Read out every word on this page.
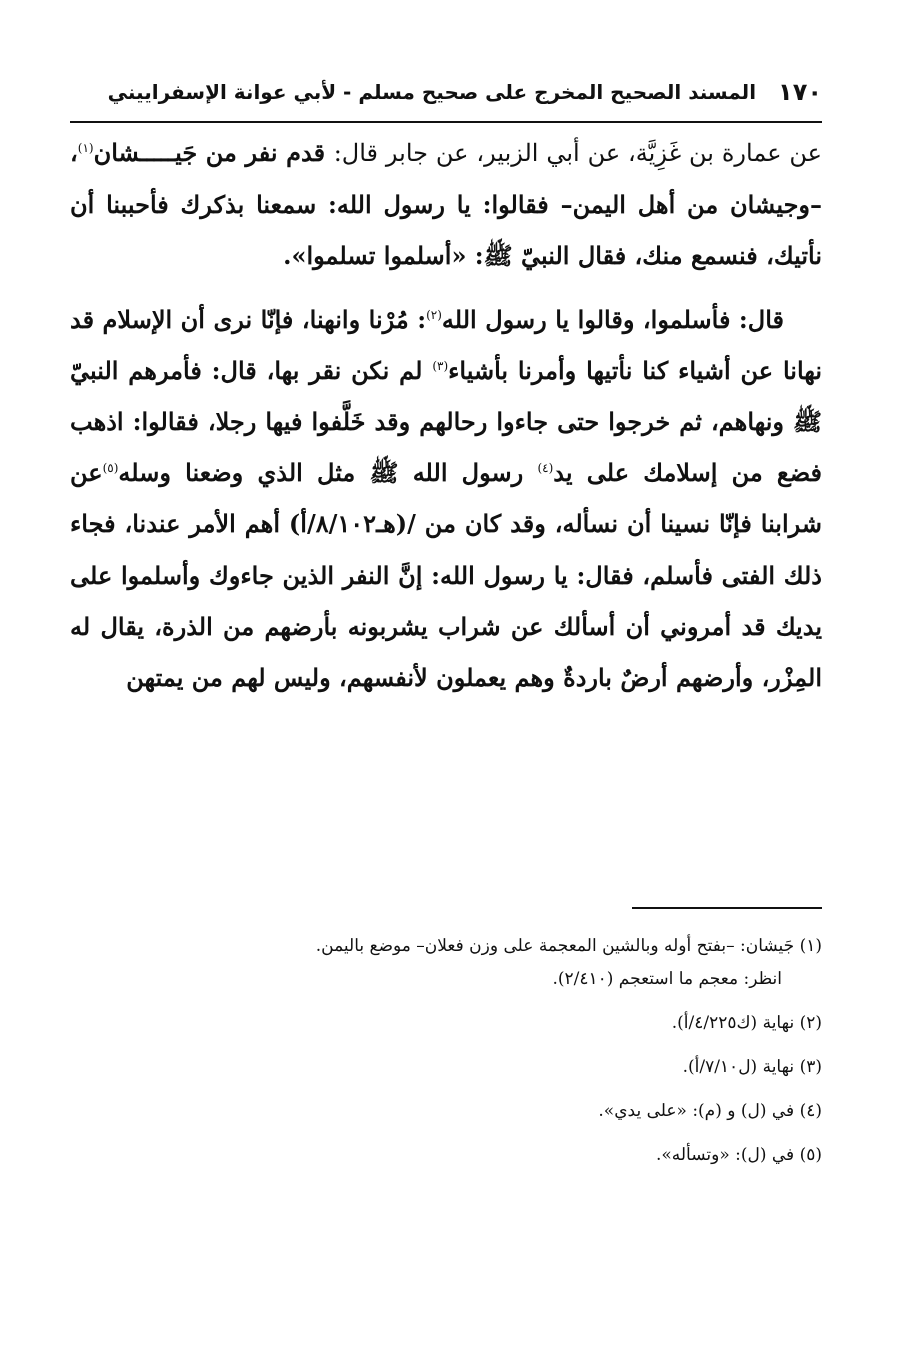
١٧٠
المسند الصحيح المخرج على صحيح مسلم - لأبي عوانة الإسفراييني

عن عمارة بن غَزِيَّة، عن أبي الزبير، عن جابر قال: قدم نفر من جَيـــــشان$^{(١)}$، –وجيشان من أهل اليمن– فقالوا: يا رسول الله: سمعنا بذكرك فأحببنا أن نأتيك، فنسمع منك، فقال النبيّ ﷺ: «أسلموا تسلموا».

قال: فأسلموا، وقالوا يا رسول الله$^{(٢)}$: مُرْنا وانهنا، فإنّا نرى أن الإسلام قد نهانا عن أشياء كنا نأتيها وأمرنا بأشياء$^{(٣)}$ لم نكن نقر بها، قال: فأمرهم النبيّ ﷺ ونهاهم، ثم خرجوا حتى جاءوا رحالهم وقد خَلَّفوا فيها رجلا، فقالوا: اذهب فضع من إسلامك على يد$^{(٤)}$ رسول الله ﷺ مثل الذي وضعنا وسله$^{(٥)}$عن شرابنا فإنّا نسينا أن نسأله، وقد كان من /(هـ٨/١٠٢/أ) أهم الأمر عندنا، فجاء ذلك الفتى فأسلم، فقال: يا رسول الله: إنَّ النفر الذين جاءوك وأسلموا على يديك قد أمروني أن أسألك عن شراب يشربونه بأرضهم من الذرة، يقال له المِزْر، وأرضهم أرضٌ باردةٌ وهم يعملون لأنفسهم، وليس لهم من يمتهن

(١) جَيشان: –بفتح أوله وبالشين المعجمة على وزن فعلان– موضع باليمن.
انظر: معجم ما استعجم (٢/٤١٠).
(٢) نهاية (ك٤/٢٢٥/أ).
(٣) نهاية (ل٧/١٠/أ).
(٤) في (ل) و (م): «على يدي».
(٥) في (ل): «وتسأله».
